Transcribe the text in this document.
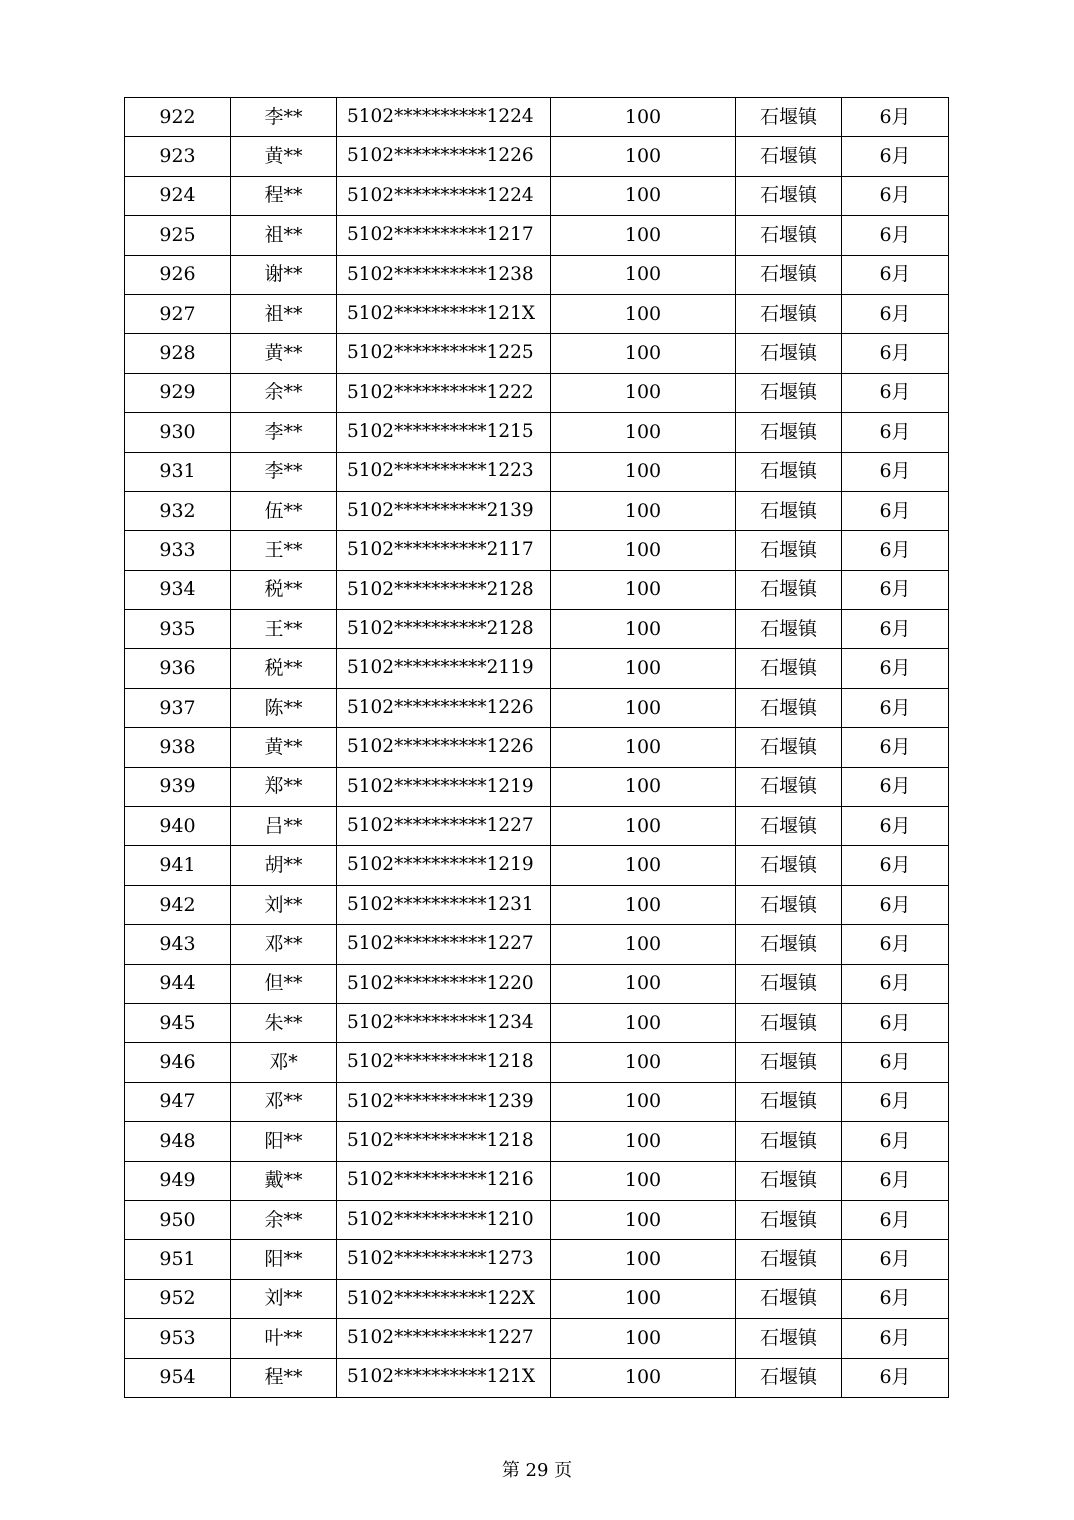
922	李**	5102**********1224	100	石堰镇	6月
923	黄**	5102**********1226	100	石堰镇	6月
924	程**	5102**********1224	100	石堰镇	6月
925	祖**	5102**********1217	100	石堰镇	6月
926	谢**	5102**********1238	100	石堰镇	6月
927	祖**	5102**********121X	100	石堰镇	6月
928	黄**	5102**********1225	100	石堰镇	6月
929	余**	5102**********1222	100	石堰镇	6月
930	李**	5102**********1215	100	石堰镇	6月
931	李**	5102**********1223	100	石堰镇	6月
932	伍**	5102**********2139	100	石堰镇	6月
933	王**	5102**********2117	100	石堰镇	6月
934	税**	5102**********2128	100	石堰镇	6月
935	王**	5102**********2128	100	石堰镇	6月
936	税**	5102**********2119	100	石堰镇	6月
937	陈**	5102**********1226	100	石堰镇	6月
938	黄**	5102**********1226	100	石堰镇	6月
939	郑**	5102**********1219	100	石堰镇	6月
940	吕**	5102**********1227	100	石堰镇	6月
941	胡**	5102**********1219	100	石堰镇	6月
942	刘**	5102**********1231	100	石堰镇	6月
943	邓**	5102**********1227	100	石堰镇	6月
944	但**	5102**********1220	100	石堰镇	6月
945	朱**	5102**********1234	100	石堰镇	6月
946	邓*	5102**********1218	100	石堰镇	6月
947	邓**	5102**********1239	100	石堰镇	6月
948	阳**	5102**********1218	100	石堰镇	6月
949	戴**	5102**********1216	100	石堰镇	6月
950	余**	5102**********1210	100	石堰镇	6月
951	阳**	5102**********1273	100	石堰镇	6月
952	刘**	5102**********122X	100	石堰镇	6月
953	叶**	5102**********1227	100	石堰镇	6月
954	程**	5102**********121X	100	石堰镇	6月
第 29 页
